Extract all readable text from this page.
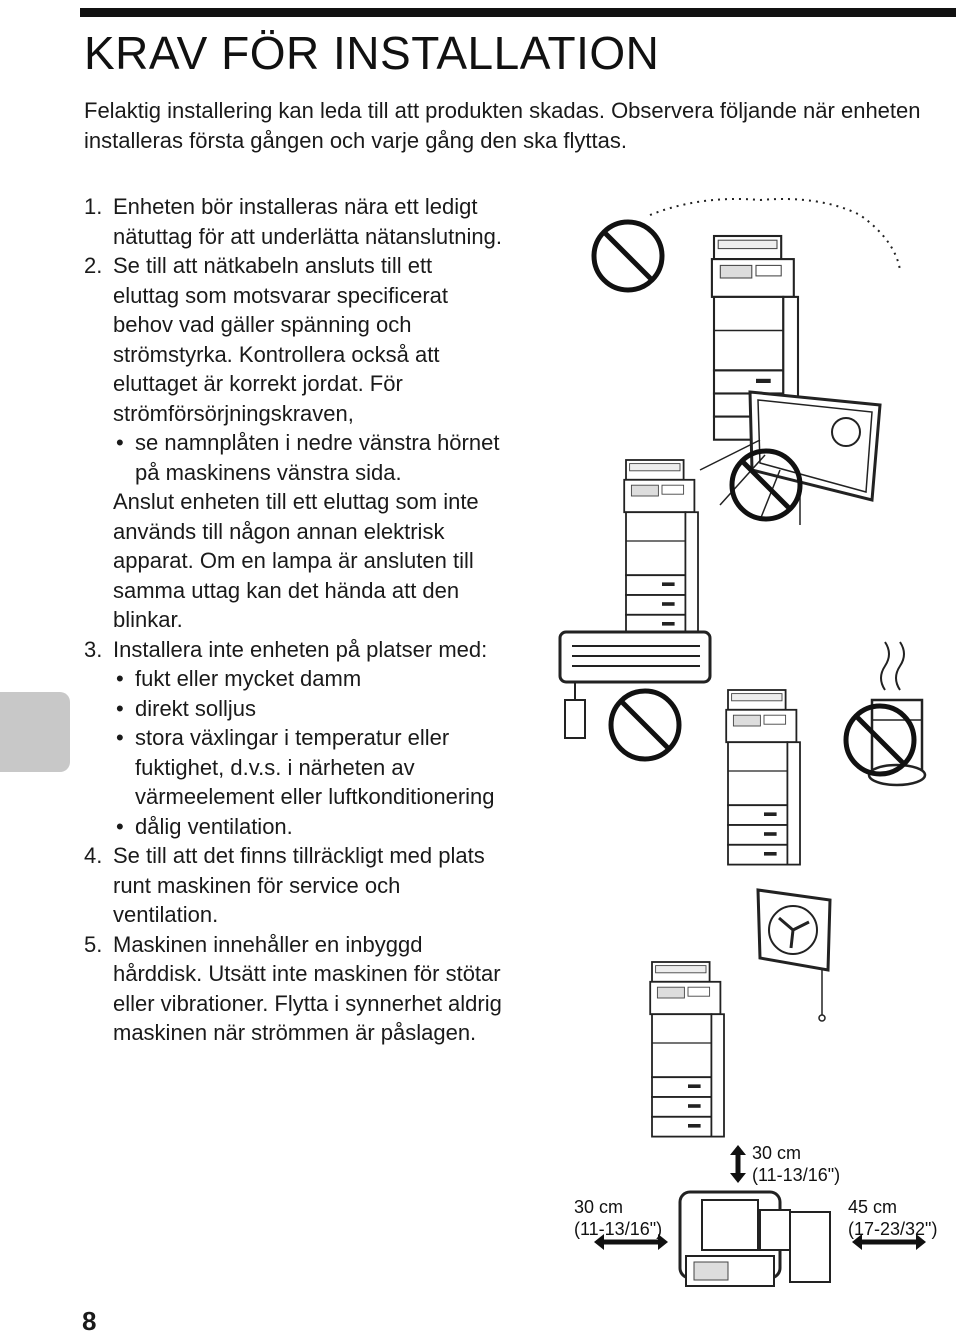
KRAV FÖR INSTALLATION

Felaktig installering kan leda till att produkten skadas. Observera följande när enheten installeras första gången och varje gång den ska flyttas.

1. Enheten bör installeras nära ett ledigt nätuttag för att underlätta nätanslutning.
2. Se till att nätkabeln ansluts till ett eluttag som motsvarar specificerat behov vad gäller spänning och strömstyrka. Kontrollera också att eluttaget är korrekt jordat. För strömförsörjningskraven,
• se namnplåten i nedre vänstra hörnet på maskinens vänstra sida.
Anslut enheten till ett eluttag som inte används till någon annan elektrisk apparat. Om en lampa är ansluten till samma uttag kan det hända att den blinkar.
3. Installera inte enheten på platser med:
• fukt eller mycket damm
• direkt solljus
• stora växlingar i temperatur eller fuktighet, d.v.s. i närheten av värmeelement eller luftkonditionering
• dålig ventilation.
4. Se till att det finns tillräckligt med plats runt maskinen för service och ventilation.
5. Maskinen innehåller en inbyggd hårddisk. Utsätt inte maskinen för stötar eller vibrationer. Flytta i synnerhet aldrig maskinen när strömmen är påslagen.
30 cm
(11-13/16")
30 cm
(11-13/16")
45 cm
(17-23/32")
8
